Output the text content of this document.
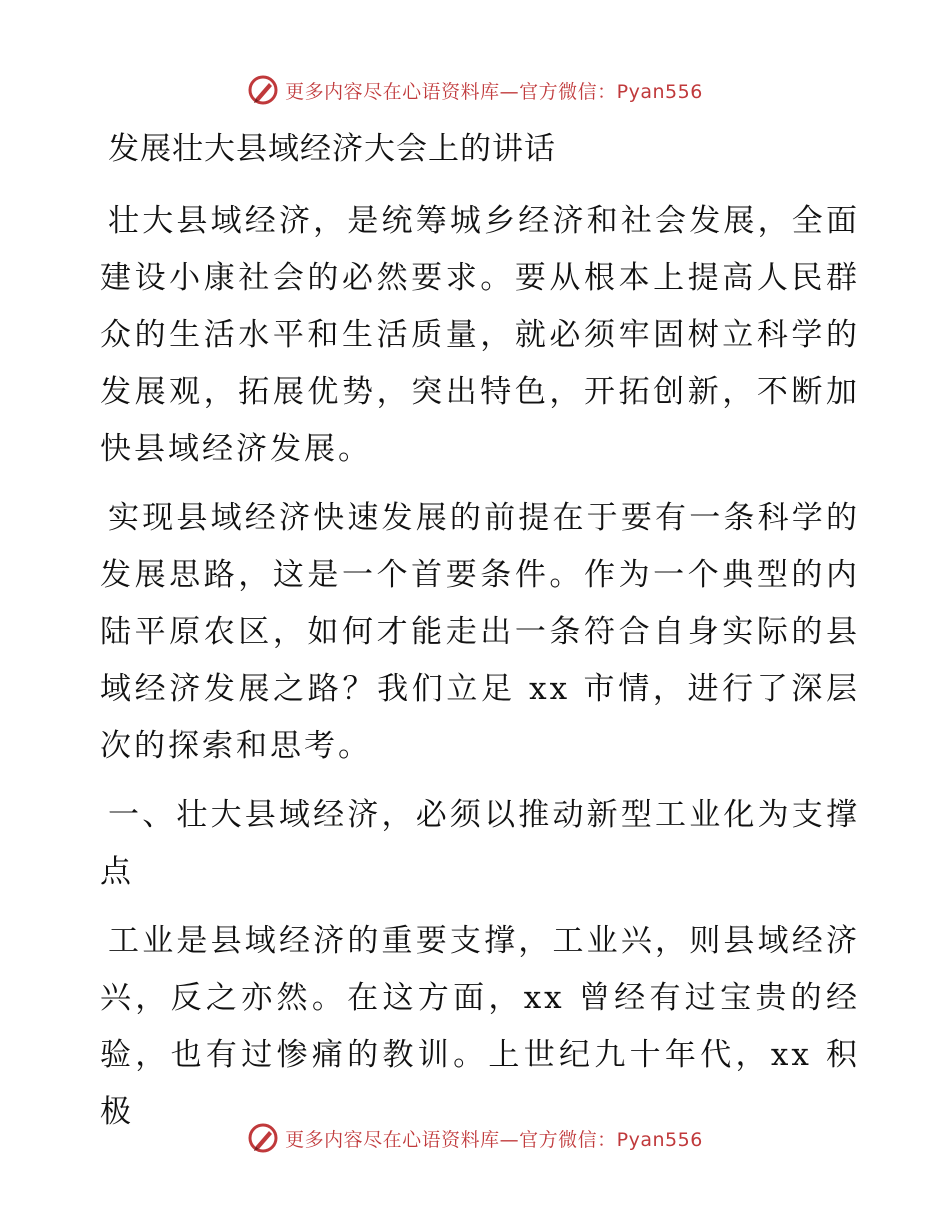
更多内容尽在心语资料库—官方微信：Pyan556
发展壮大县域经济大会上的讲话

壮大县域经济，是统筹城乡经济和社会发展，全面建设小康社会的必然要求。要从根本上提高人民群众的生活水平和生活质量，就必须牢固树立科学的发展观，拓展优势，突出特色，开拓创新，不断加快县域经济发展。

实现县域经济快速发展的前提在于要有一条科学的发展思路，这是一个首要条件。作为一个典型的内陆平原农区，如何才能走出一条符合自身实际的县域经济发展之路？我们立足 xx 市情，进行了深层次的探索和思考。

一、壮大县域经济，必须以推动新型工业化为支撑点

工业是县域经济的重要支撑，工业兴，则县域经济兴，反之亦然。在这方面，xx 曾经有过宝贵的经验，也有过惨痛的教训。上世纪九十年代，xx 积极

更多内容尽在心语资料库—官方微信：Pyan556
